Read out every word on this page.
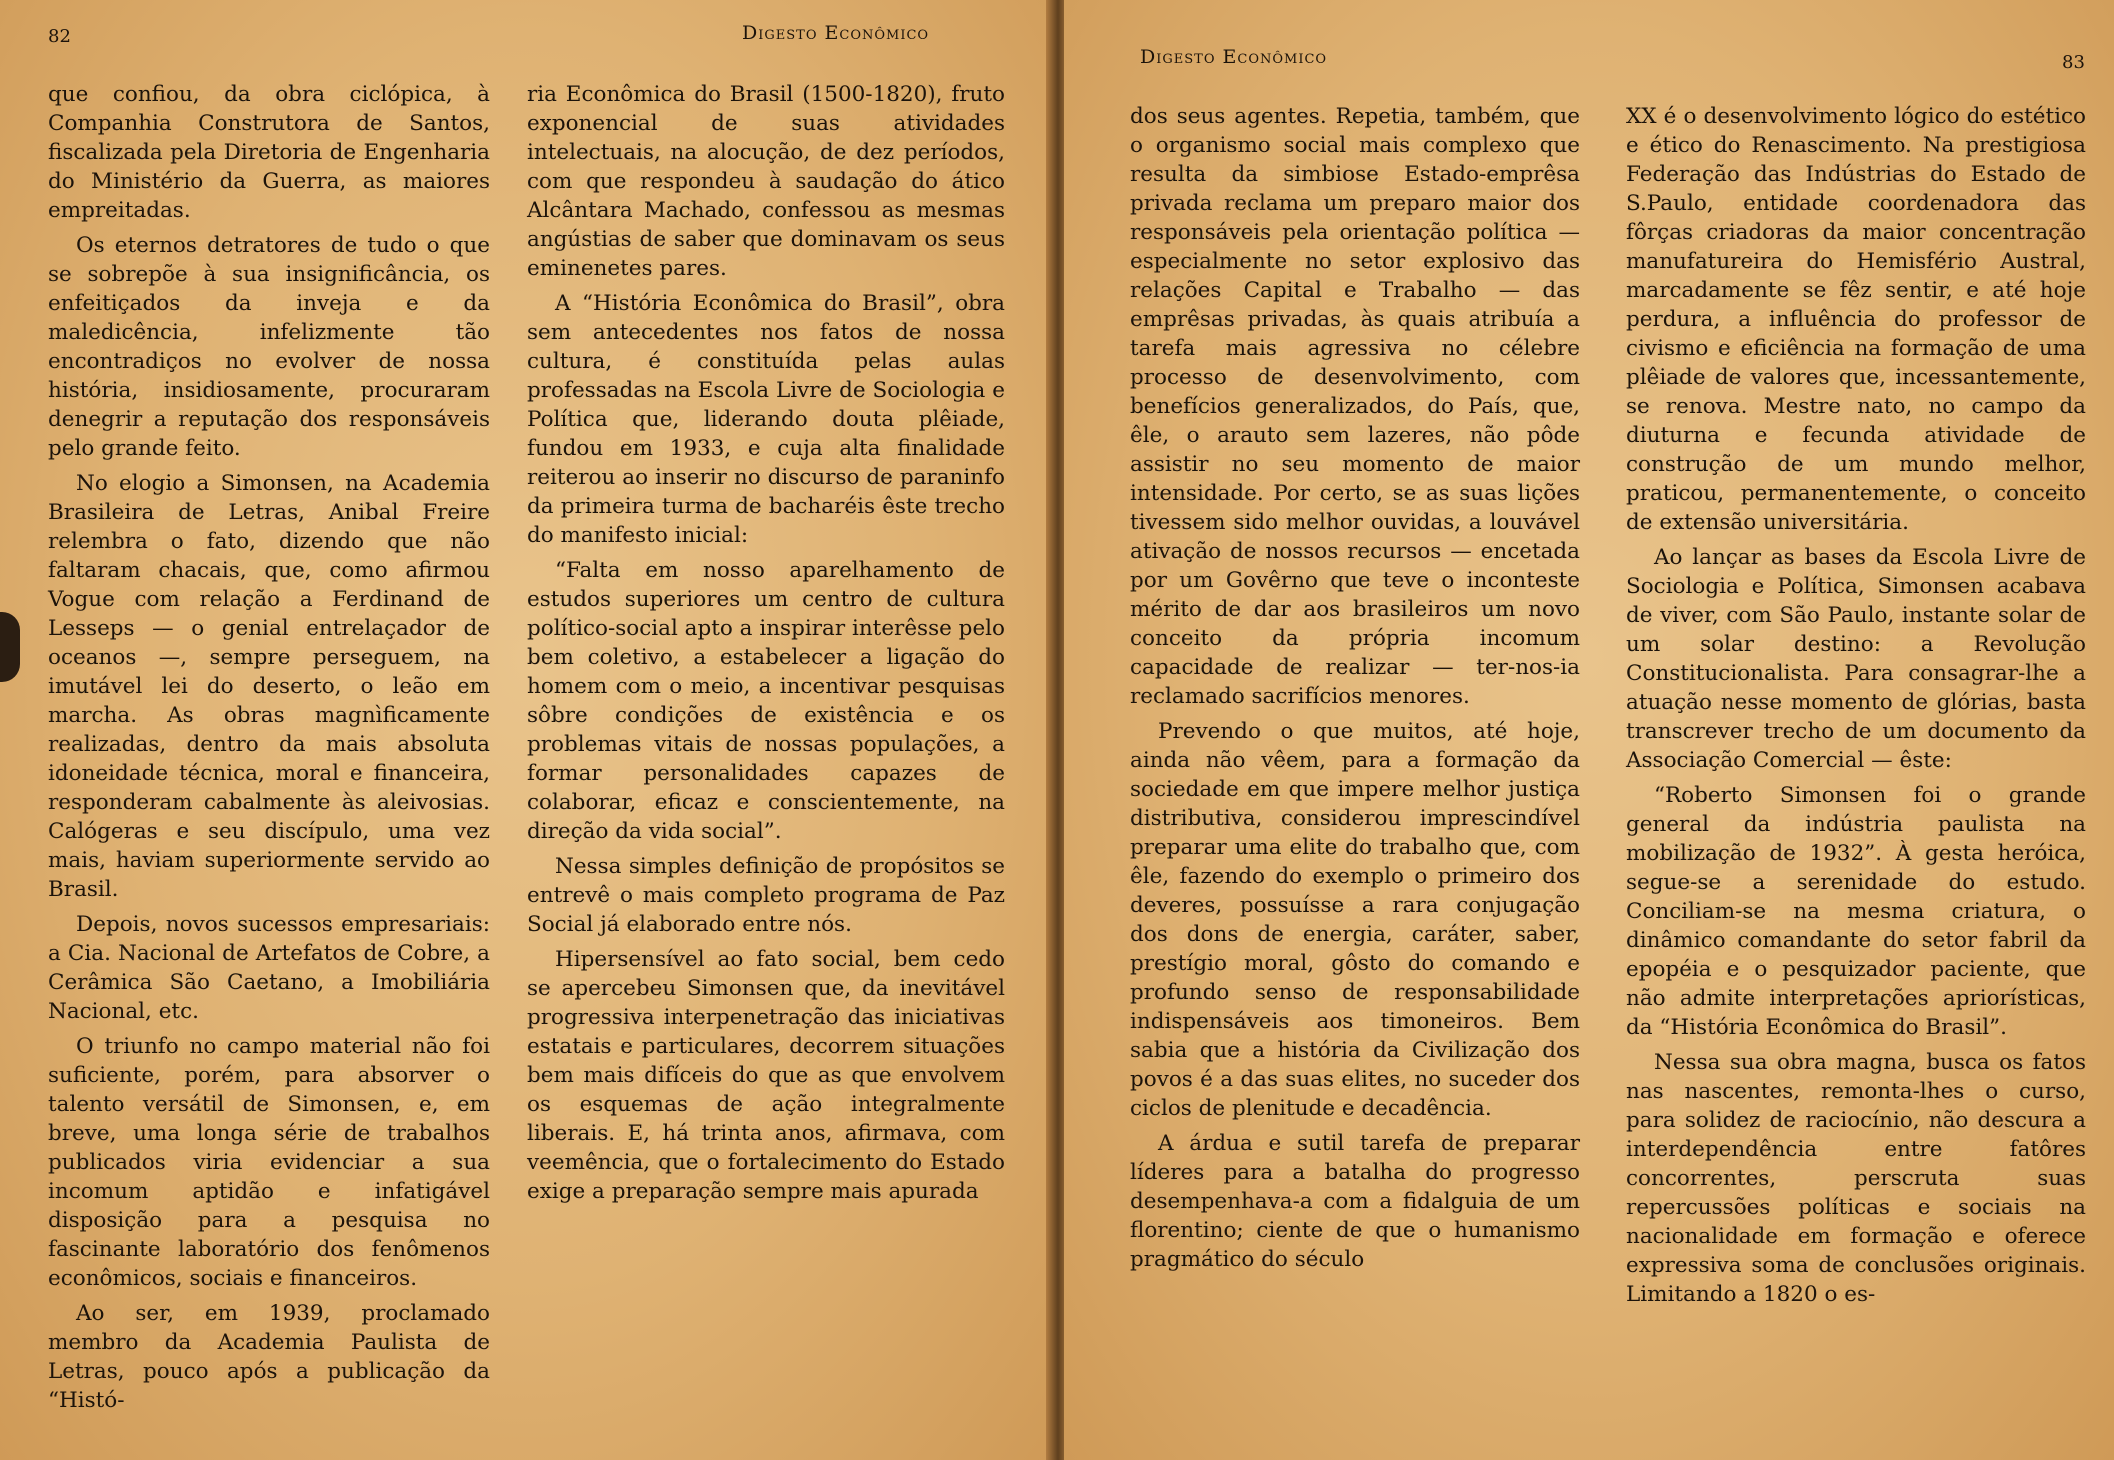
82	Digesto Econômico

que confiou, da obra ciclópica, à Companhia Construtora de Santos, fiscalizada pela Diretoria de Engenharia do Ministério da Guerra, as maiores empreitadas.

Os eternos detratores de tudo o que se sobrepõe à sua insignificância, os enfeitiçados da inveja e da maledicência, infelizmente tão encontradiços no evolver de nossa história, insidiosamente, procuraram denegrir a reputação dos responsáveis pelo grande feito.

No elogio a Simonsen, na Academia Brasileira de Letras, Anibal Freire relembra o fato, dizendo que não faltaram chacais, que, como afirmou Vogue com relação a Ferdinand de Lesseps — o genial entrelaçador de oceanos —, sempre perseguem, na imutável lei do deserto, o leão em marcha. As obras magnìficamente realizadas, dentro da mais absoluta idoneidade técnica, moral e financeira, responderam cabalmente às aleivosias. Calógeras e seu discípulo, uma vez mais, haviam superiormente servido ao Brasil.

Depois, novos sucessos empresariais: a Cia. Nacional de Artefatos de Cobre, a Cerâmica São Caetano, a Imobiliária Nacional, etc.

O triunfo no campo material não foi suficiente, porém, para absorver o talento versátil de Simonsen, e, em breve, uma longa série de trabalhos publicados viria evidenciar a sua incomum aptidão e infatigável disposição para a pesquisa no fascinante laboratório dos fenômenos econômicos, sociais e financeiros.

Ao ser, em 1939, proclamado membro da Academia Paulista de Letras, pouco após a publicação da “Histó-

ria Econômica do Brasil (1500-1820), fruto exponencial de suas atividades intelectuais, na alocução, de dez períodos, com que respondeu à saudação do ático Alcântara Machado, confessou as mesmas angústias de saber que dominavam os seus eminenetes pares.

A “História Econômica do Brasil”, obra sem antecedentes nos fatos de nossa cultura, é constituída pelas aulas professadas na Escola Livre de Sociologia e Política que, liderando douta plêiade, fundou em 1933, e cuja alta finalidade reiterou ao inserir no discurso de paraninfo da primeira turma de bacharéis êste trecho do manifesto inicial:

“Falta em nosso aparelhamento de estudos superiores um centro de cultura político-social apto a inspirar interêsse pelo bem coletivo, a estabelecer a ligação do homem com o meio, a incentivar pesquisas sôbre condições de existência e os problemas vitais de nossas populações, a formar personalidades capazes de colaborar, eficaz e conscientemente, na direção da vida social”.

Nessa simples definição de propósitos se entrevê o mais completo programa de Paz Social já elaborado entre nós.

Hipersensível ao fato social, bem cedo se apercebeu Simonsen que, da inevitável progressiva interpenetração das iniciativas estatais e particulares, decorrem situações bem mais difíceis do que as que envolvem os esquemas de ação integralmente liberais. E, há trinta anos, afirmava, com veemência, que o fortalecimento do Estado exige a preparação sempre mais apurada

Digesto Econômico	83

dos seus agentes. Repetia, também, que o organismo social mais complexo que resulta da simbiose Estado-emprêsa privada reclama um preparo maior dos responsáveis pela orientação política — especialmente no setor explosivo das relações Capital e Trabalho — das emprêsas privadas, às quais atribuía a tarefa mais agressiva no célebre processo de desenvolvimento, com benefícios generalizados, do País, que, êle, o arauto sem lazeres, não pôde assistir no seu momento de maior intensidade. Por certo, se as suas lições tivessem sido melhor ouvidas, a louvável ativação de nossos recursos — encetada por um Govêrno que teve o inconteste mérito de dar aos brasileiros um novo conceito da própria incomum capacidade de realizar — ter-nos-ia reclamado sacrifícios menores.

Prevendo o que muitos, até hoje, ainda não vêem, para a formação da sociedade em que impere melhor justiça distributiva, considerou imprescindível preparar uma elite do trabalho que, com êle, fazendo do exemplo o primeiro dos deveres, possuísse a rara conjugação dos dons de energia, caráter, saber, prestígio moral, gôsto do comando e profundo senso de responsabilidade indispensáveis aos timoneiros. Bem sabia que a história da Civilização dos povos é a das suas elites, no suceder dos ciclos de plenitude e decadência.

A árdua e sutil tarefa de preparar líderes para a batalha do progresso desempenhava-a com a fidalguia de um florentino; ciente de que o humanismo pragmático do século

XX é o desenvolvimento lógico do estético e ético do Renascimento. Na prestigiosa Federação das Indústrias do Estado de S.Paulo, entidade coordenadora das fôrças criadoras da maior concentração manufatureira do Hemisfério Austral, marcadamente se fêz sentir, e até hoje perdura, a influência do professor de civismo e eficiência na formação de uma plêiade de valores que, incessantemente, se renova. Mestre nato, no campo da diuturna e fecunda atividade de construção de um mundo melhor, praticou, permanentemente, o conceito de extensão universitária.

Ao lançar as bases da Escola Livre de Sociologia e Política, Simonsen acabava de viver, com São Paulo, instante solar de um solar destino: a Revolução Constitucionalista. Para consagrar-lhe a atuação nesse momento de glórias, basta transcrever trecho de um documento da Associação Comercial — êste:

“Roberto Simonsen foi o grande general da indústria paulista na mobilização de 1932”. À gesta heróica, segue-se a serenidade do estudo. Conciliam-se na mesma criatura, o dinâmico comandante do setor fabril da epopéia e o pesquizador paciente, que não admite interpretações apriorísticas, da “História Econômica do Brasil”.

Nessa sua obra magna, busca os fatos nas nascentes, remonta-lhes o curso, para solidez de raciocínio, não descura a interdependência entre fatôres concorrentes, perscruta suas repercussões políticas e sociais na nacionalidade em formação e oferece expressiva soma de conclusões originais. Limitando a 1820 o es-
